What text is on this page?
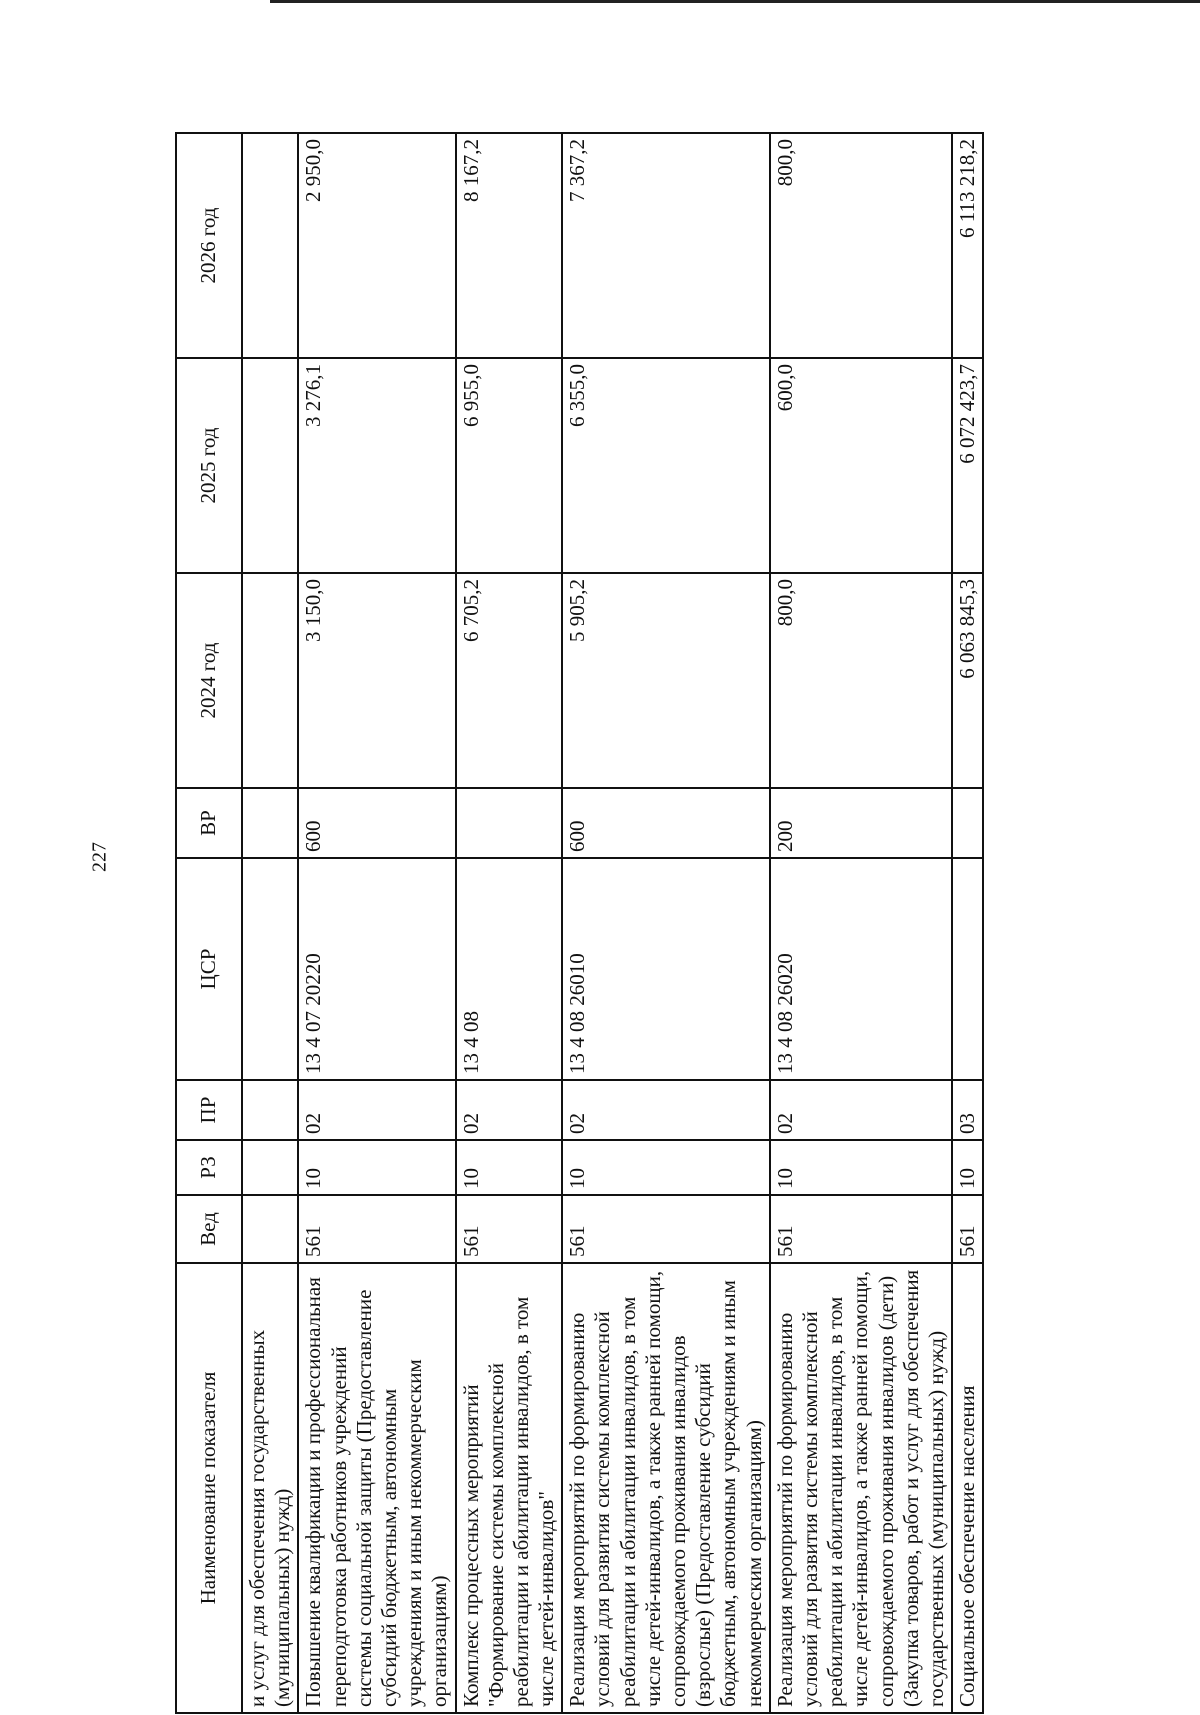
227
Наименование показателя	Вед	РЗ	ПР	ЦСР	ВР	2024 год	2025 год	2026 год
и услуг для обеспечения государственных (муниципальных) нужд)								
Повышение квалификации и профессиональная переподготовка работников учреждений системы социальной защиты (Предоставление субсидий бюджетным, автономным учреждениям и иным некоммерческим организациям)	561	10	02	13 4 07 20220	600	3 150,0	3 276,1	2 950,0
Комплекс процессных мероприятий "Формирование системы комплексной реабилитации и абилитации инвалидов, в том числе детей-инвалидов"	561	10	02	13 4 08		6 705,2	6 955,0	8 167,2
Реализация мероприятий по формированию условий для развития системы комплексной реабилитации и абилитации инвалидов, в том числе детей-инвалидов, а также ранней помощи, сопровождаемого проживания инвалидов (взрослые) (Предоставление субсидий бюджетным, автономным учреждениям и иным некоммерческим организациям)	561	10	02	13 4 08 26010	600	5 905,2	6 355,0	7 367,2
Реализация мероприятий по формированию условий для развития системы комплексной реабилитации и абилитации инвалидов, в том числе детей-инвалидов, а также ранней помощи, сопровождаемого проживания инвалидов (дети) (Закупка товаров, работ и услуг для обеспечения государственных (муниципальных) нужд)	561	10	02	13 4 08 26020	200	800,0	600,0	800,0
Социальное обеспечение населения	561	10	03			6 063 845,3	6 072 423,7	6 113 218,2
